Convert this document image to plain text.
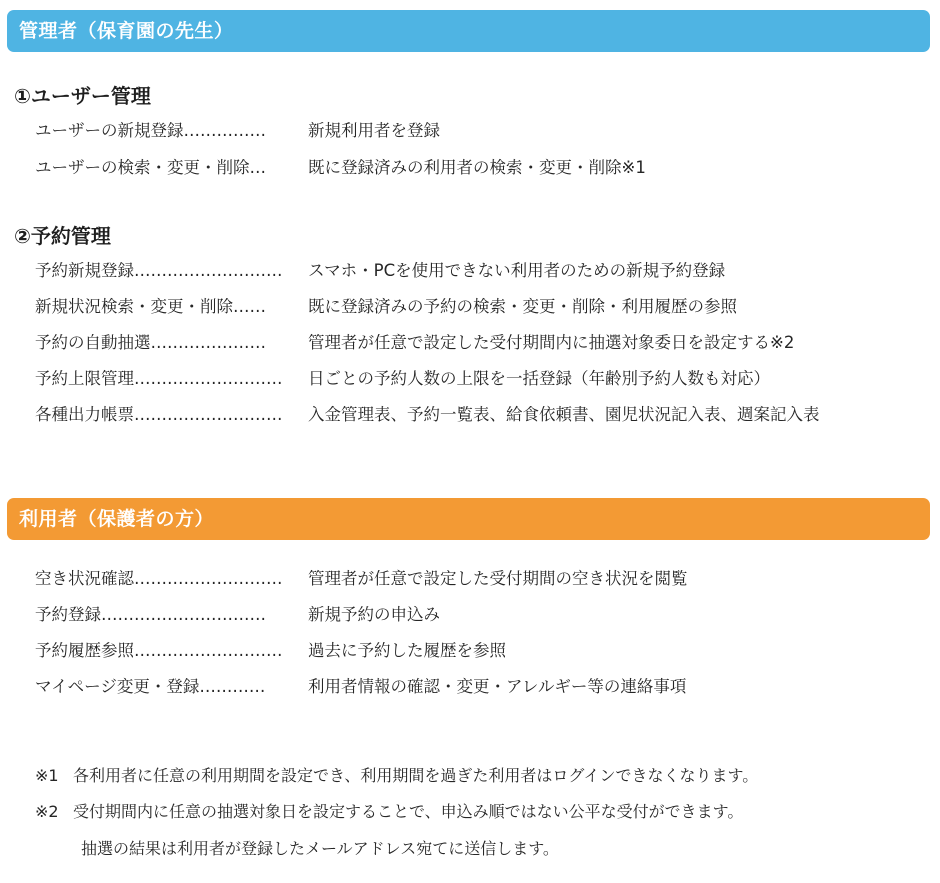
管理者（保育園の先生）
①ユーザー管理
ユーザーの新規登録……………	新規利用者を登録
ユーザーの検索・変更・削除…	既に登録済みの利用者の検索・変更・削除※1
②予約管理
予約新規登録……………………… スマホ・PCを使用できない利用者のための新規予約登録
新規状況検索・変更・削除……	既に登録済みの予約の検索・変更・削除・利用履歴の参照
予約の自動抽選…………………	管理者が任意で設定した受付期間内に抽選対象委日を設定する※2
予約上限管理……………………… 日ごとの予約人数の上限を一括登録（年齢別予約人数も対応）
各種出力帳票……………………… 入金管理表、予約一覧表、給食依頼書、園児状況記入表、週案記入表
利用者（保護者の方）
空き状況確認……………………… 管理者が任意で設定した受付期間の空き状況を閲覧
予約登録…………………………	新規予約の申込み
予約履歴参照……………………… 過去に予約した履歴を参照
マイページ変更・登録…………	利用者情報の確認・変更・アレルギー等の連絡事項
※1 各利用者に任意の利用期間を設定でき、利用期間を過ぎた利用者はログインできなくなります。
※2 受付期間内に任意の抽選対象日を設定することで、申込み順ではない公平な受付ができます。
抽選の結果は利用者が登録したメールアドレス宛てに送信します。
